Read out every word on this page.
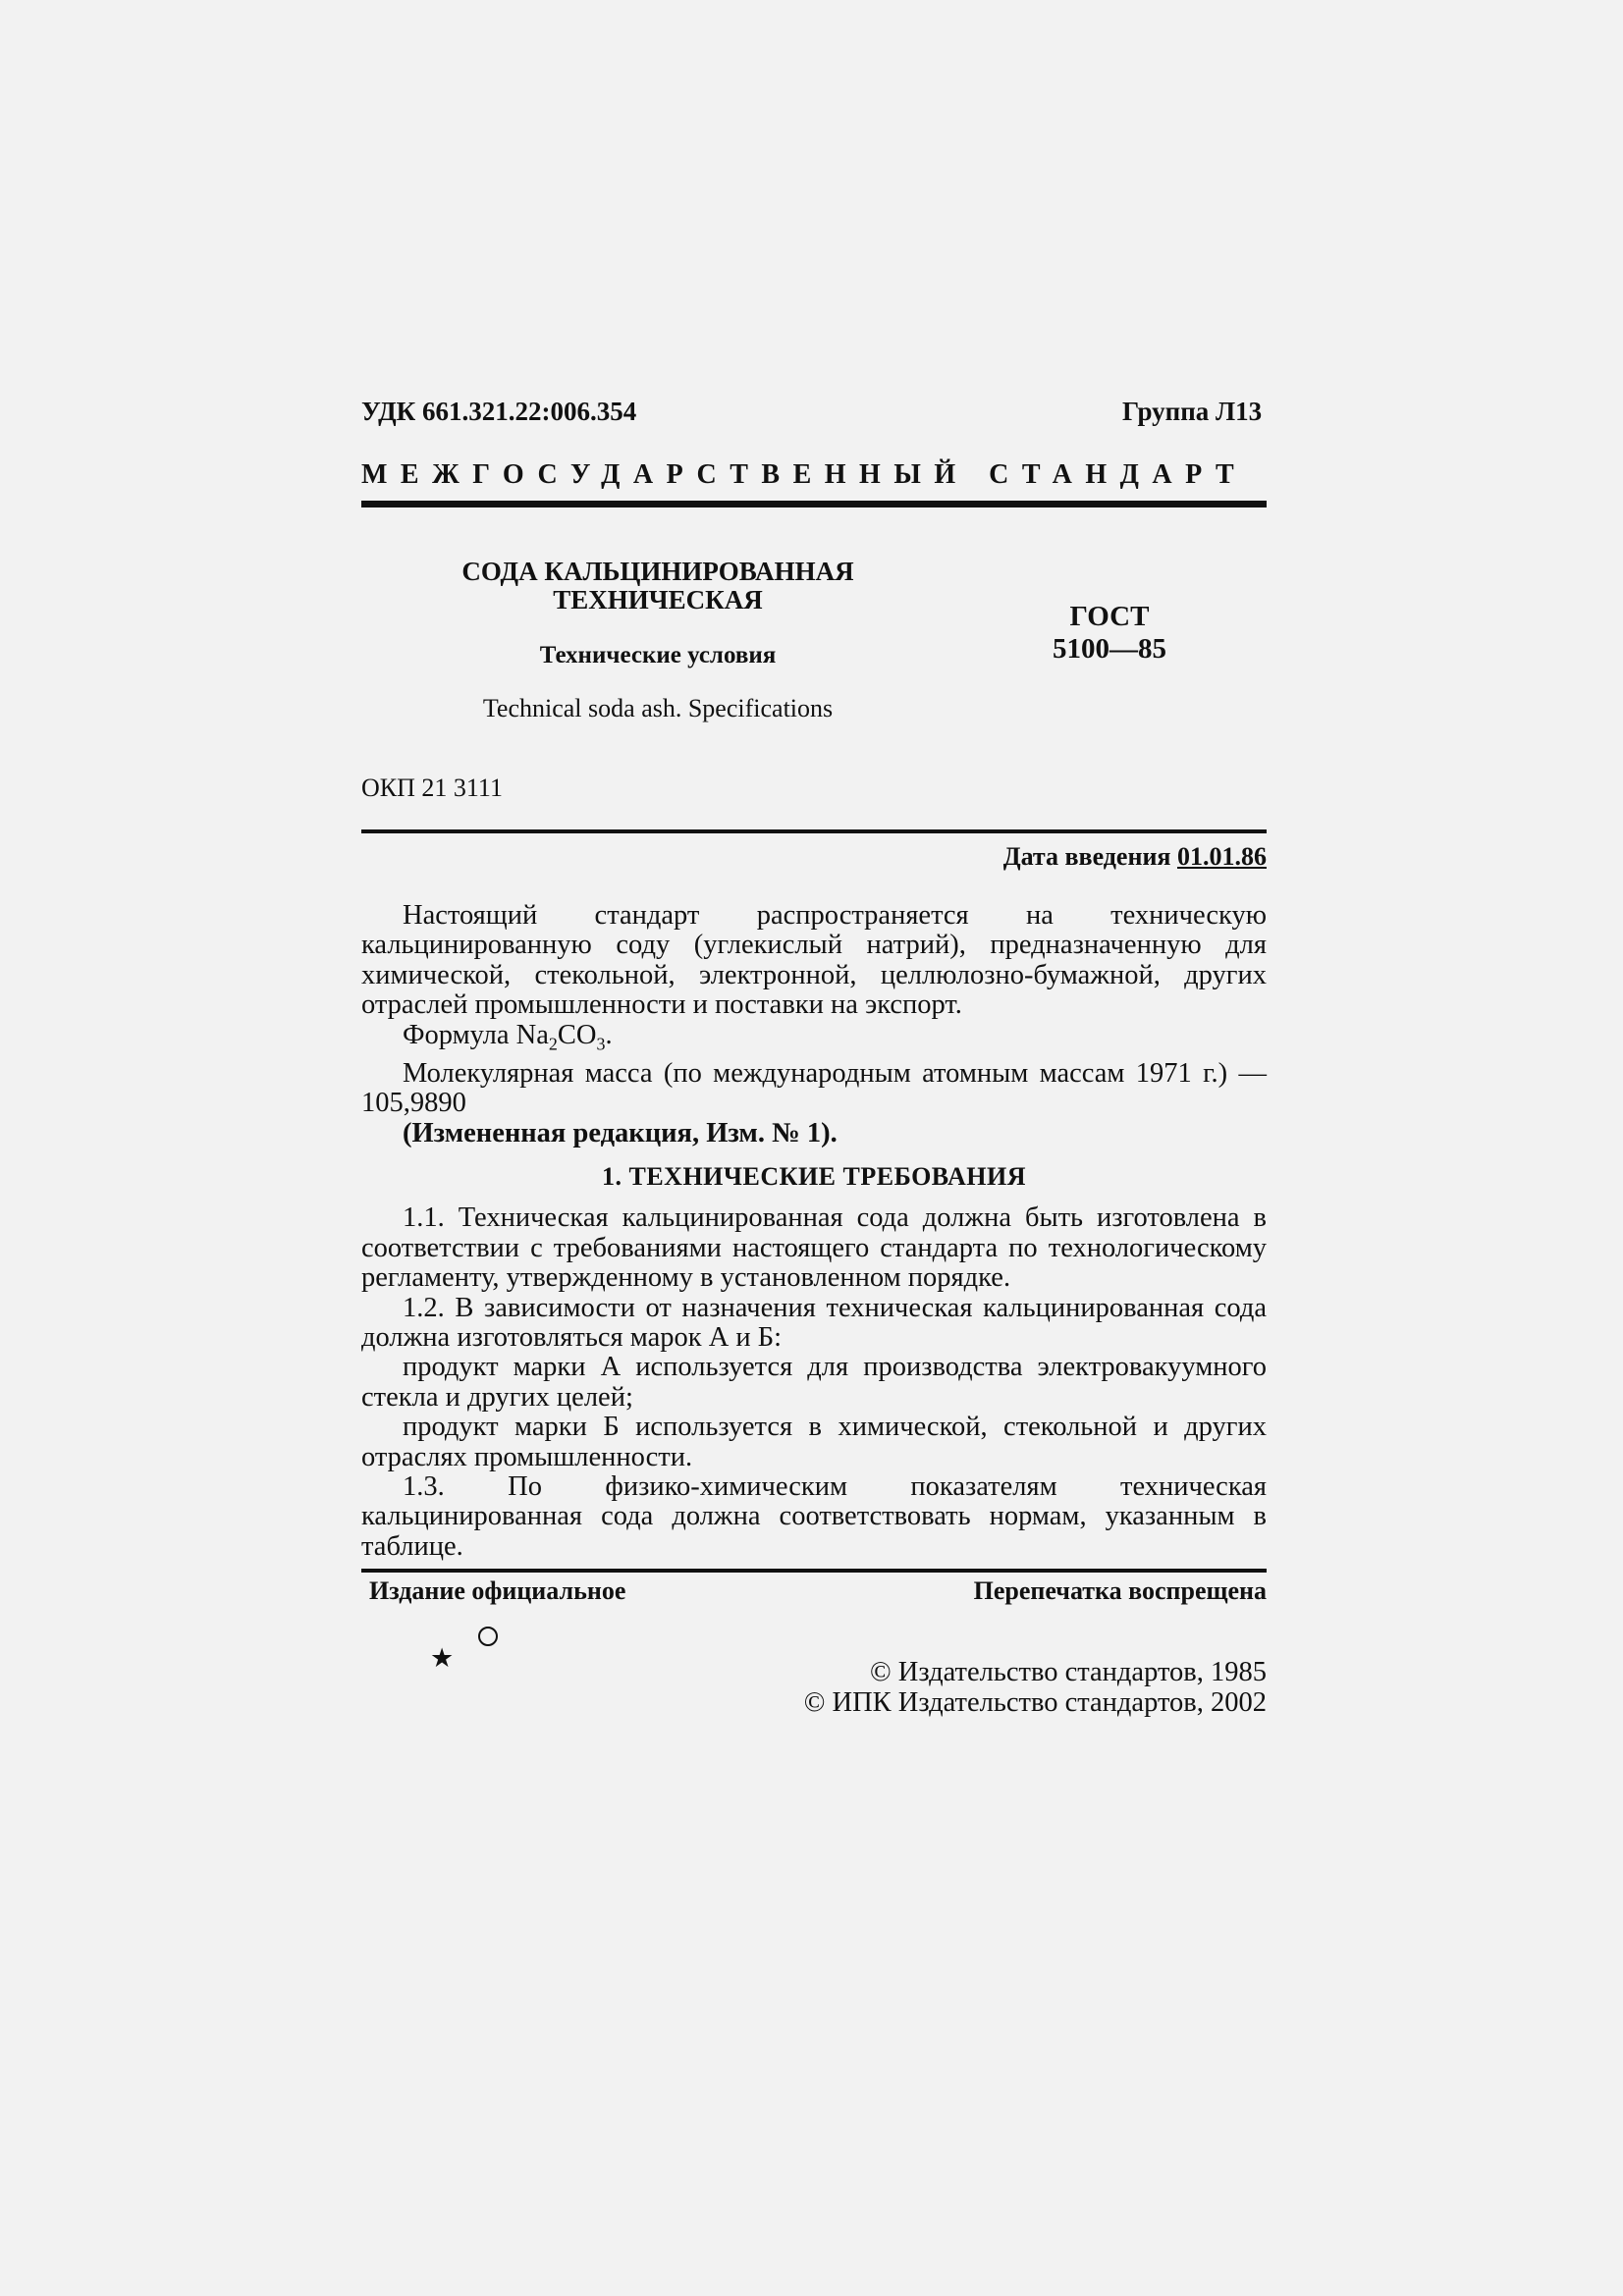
УДК 661.321.22:006.354	Группа Л13
МЕЖГОСУДАРСТВЕННЫЙ СТАНДАРТ
СОДА КАЛЬЦИНИРОВАННАЯ
ТЕХНИЧЕСКАЯ
Технические условия
Technical soda ash. Specifications
ГОСТ
5100—85
ОКП 21 3111
Дата введения 01.01.86

Настоящий стандарт распространяется на техническую кальцинированную соду (углекислый натрий), предназначенную для химической, стекольной, электронной, целлюлозно-бумажной, других отраслей промышленности и поставки на экспорт.

Формула $Na_2CO_3$.

Молекулярная масса (по международным атомным массам 1971 г.) — 105,9890

(Измененная редакция, Изм. № 1).

1. ТЕХНИЧЕСКИЕ ТРЕБОВАНИЯ

1.1. Техническая кальцинированная сода должна быть изготовлена в соответствии с требованиями настоящего стандарта по технологическому регламенту, утвержденному в установленном порядке.

1.2. В зависимости от назначения техническая кальцинированная сода должна изготовляться марок А и Б:

продукт марки А используется для производства электровакуумного стекла и других целей;

продукт марки Б используется в химической, стекольной и других отраслях промышленности.

1.3. По физико-химическим показателям техническая кальцинированная сода должна соответствовать нормам, указанным в таблице.

Издание официальное	Перепечатка воспрещена
★	© Издательство стандартов, 1985
© ИПК Издательство стандартов, 2002
